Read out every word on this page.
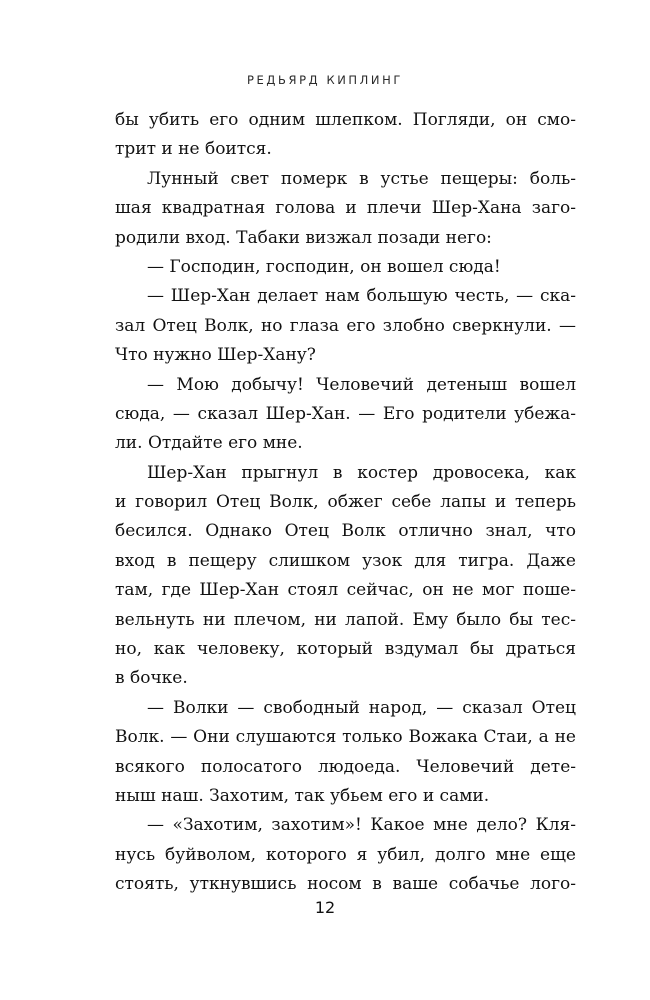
РЕДЬЯРД КИПЛИНГ
бы убить его одним шлепком. Погляди, он смо-
трит и не боится.
Лунный свет померк в устье пещеры: боль-
шая квадратная голова и плечи Шер-Хана заго-
родили вход. Табаки визжал позади него:
— Господин, господин, он вошел сюда!
— Шер-Хан делает нам большую честь, — ска-
зал Отец Волк, но глаза его злобно сверкнули. —
Что нужно Шер-Хану?
— Мою добычу! Человечий детеныш вошел
сюда, — сказал Шер-Хан. — Его родители убежа-
ли. Отдайте его мне.
Шер-Хан прыгнул в костер дровосека, как
и говорил Отец Волк, обжег себе лапы и теперь
бесился. Однако Отец Волк отлично знал, что
вход в пещеру слишком узок для тигра. Даже
там, где Шер-Хан стоял сейчас, он не мог поше-
вельнуть ни плечом, ни лапой. Ему было бы тес-
но, как человеку, который вздумал бы драться
в бочке.
— Волки — свободный народ, — сказал Отец
Волк. — Они слушаются только Вожака Стаи, а не
всякого полосатого людоеда. Человечий дете-
ныш наш. Захотим, так убьем его и сами.
— «Захотим, захотим»! Какое мне дело? Кля-
нусь буйволом, которого я убил, долго мне еще
стоять, уткнувшись носом в ваше собачье лого-
12
